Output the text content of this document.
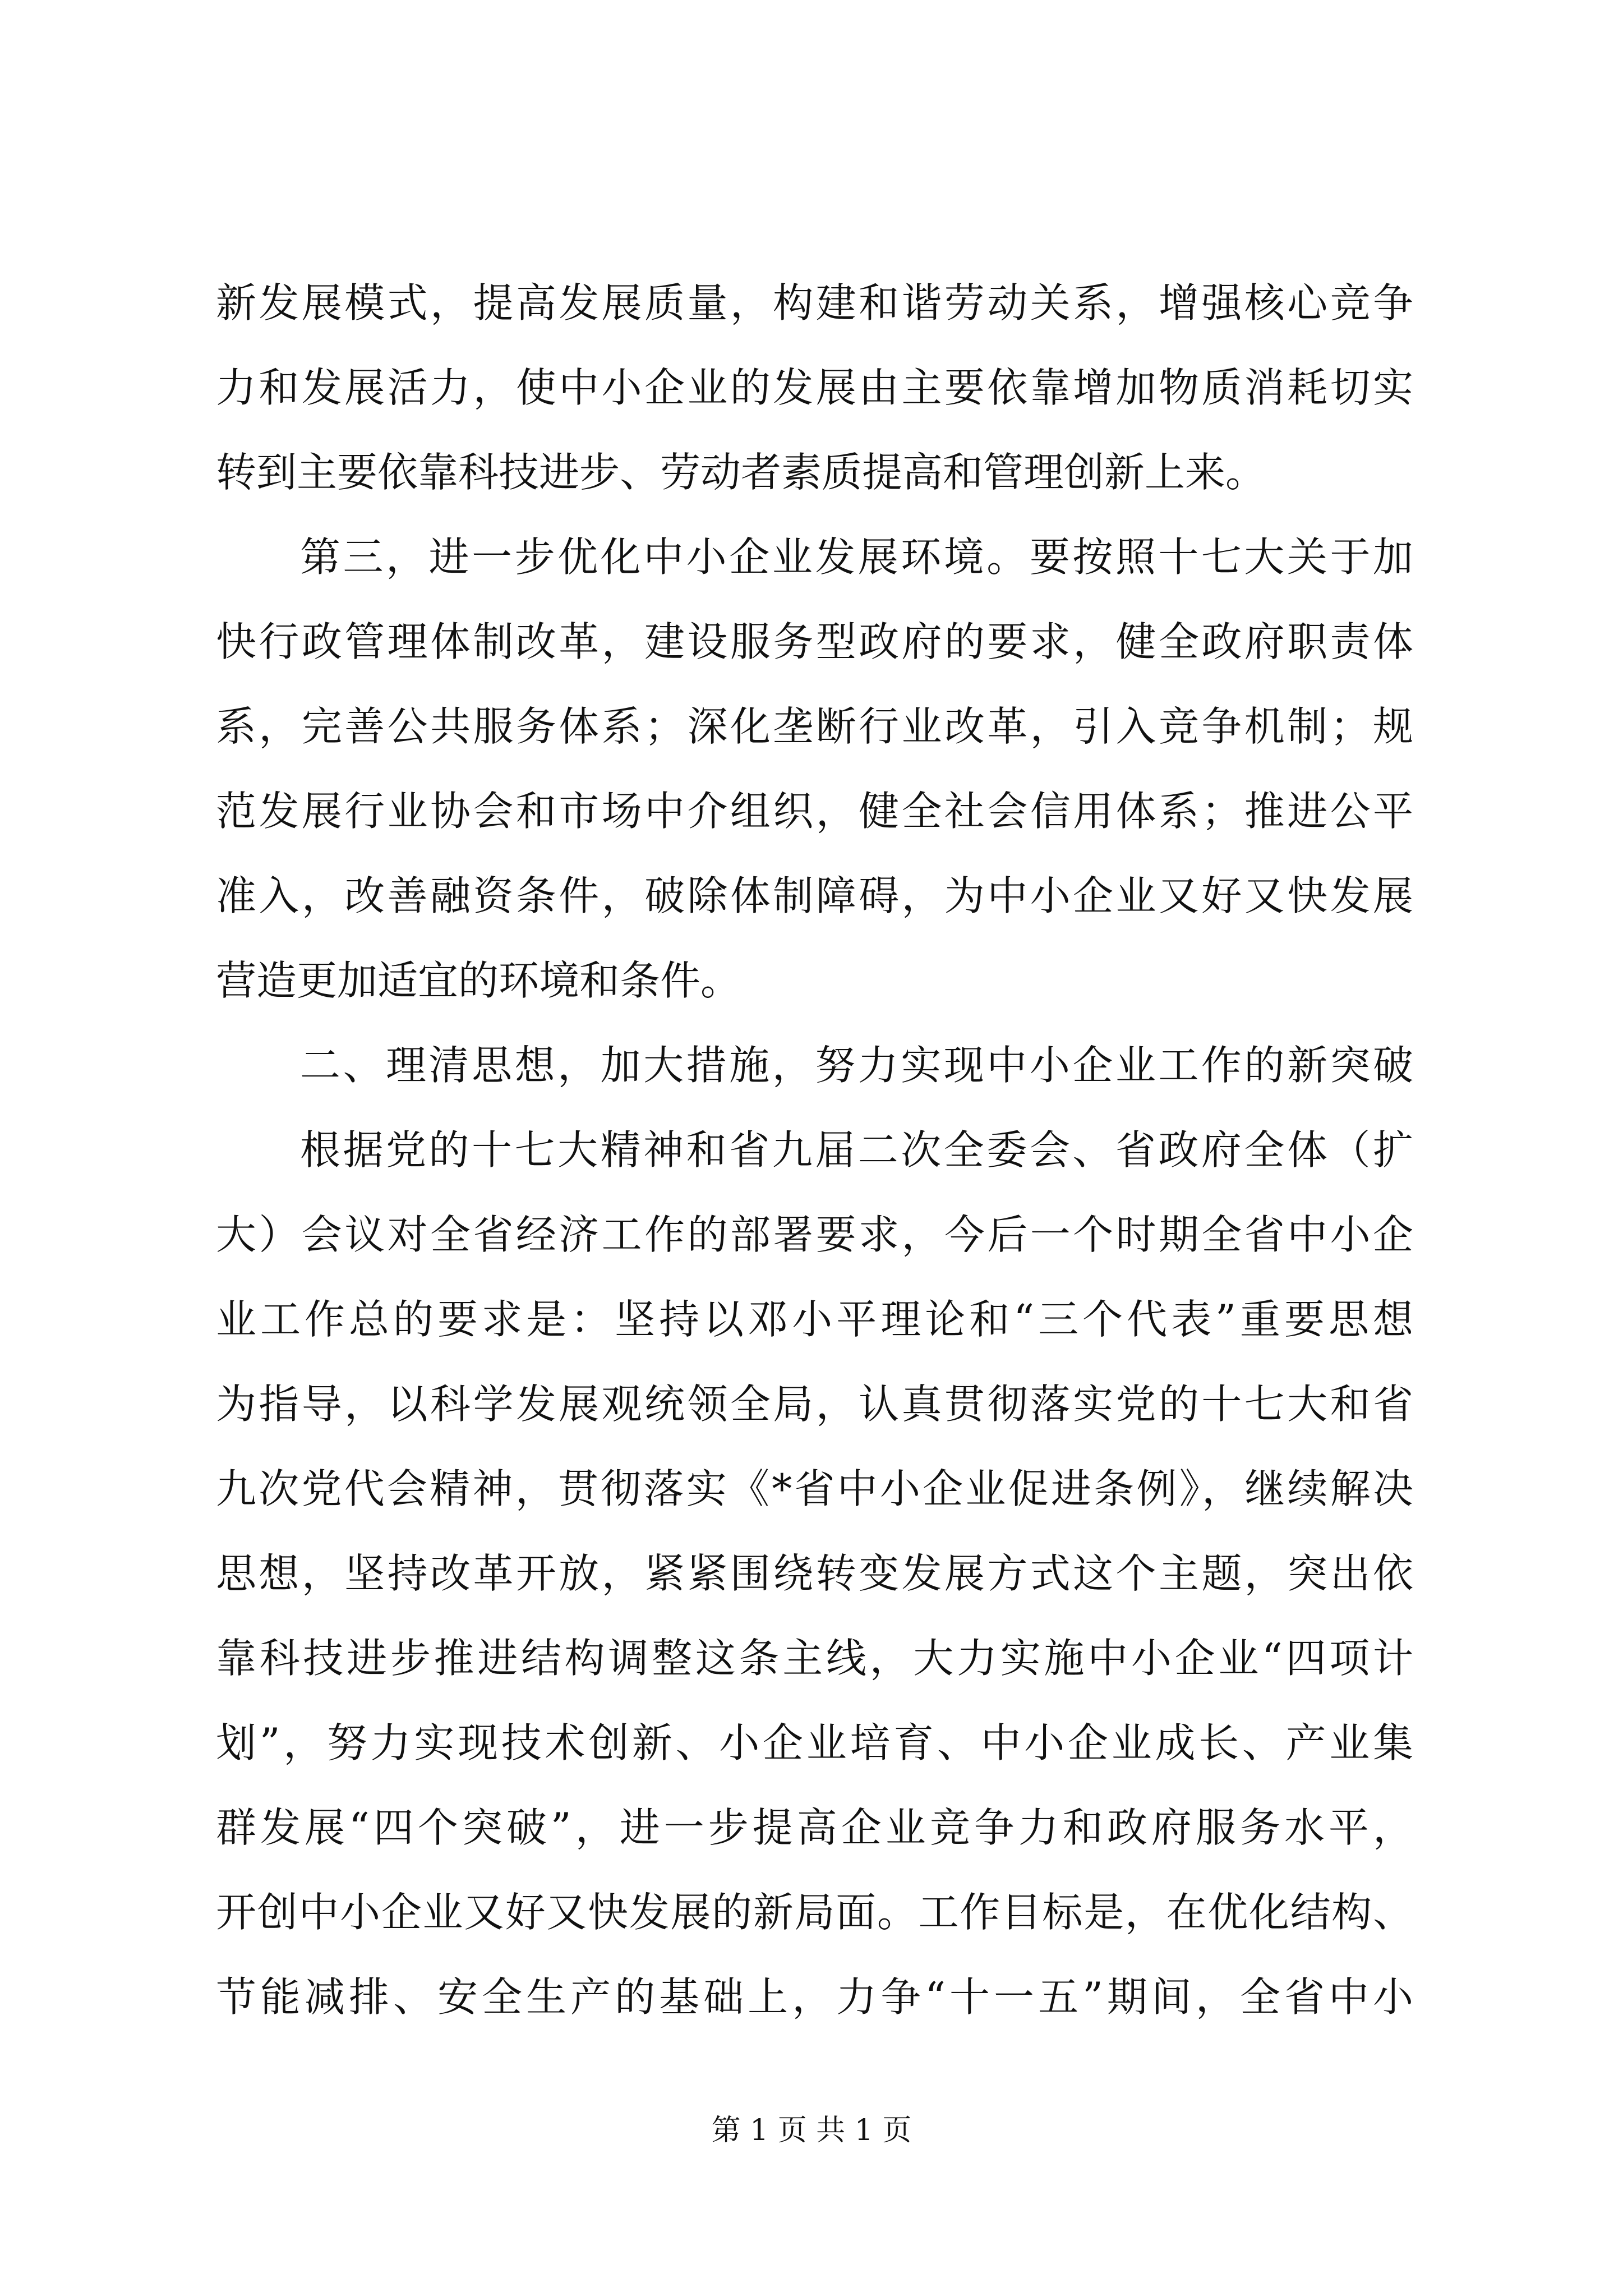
新发展模式，提高发展质量，构建和谐劳动关系，增强核心竞争
力和发展活力，使中小企业的发展由主要依靠增加物质消耗切实
转到主要依靠科技进步、劳动者素质提高和管理创新上来。
第三，进一步优化中小企业发展环境。要按照十七大关于加
快行政管理体制改革，建设服务型政府的要求，健全政府职责体
系，完善公共服务体系；深化垄断行业改革，引入竞争机制；规
范发展行业协会和市场中介组织，健全社会信用体系；推进公平
准入，改善融资条件，破除体制障碍，为中小企业又好又快发展
营造更加适宜的环境和条件。
二、理清思想，加大措施，努力实现中小企业工作的新突破
根据党的十七大精神和省九届二次全委会、省政府全体（扩
大）会议对全省经济工作的部署要求，今后一个时期全省中小企
业工作总的要求是：坚持以邓小平理论和“三个代表”重要思想
为指导，以科学发展观统领全局，认真贯彻落实党的十七大和省
九次党代会精神，贯彻落实《*省中小企业促进条例》，继续解决
思想，坚持改革开放，紧紧围绕转变发展方式这个主题，突出依
靠科技进步推进结构调整这条主线，大力实施中小企业“四项计
划”，努力实现技术创新、小企业培育、中小企业成长、产业集
群发展“四个突破”，进一步提高企业竞争力和政府服务水平，
开创中小企业又好又快发展的新局面。工作目标是，在优化结构、
节能减排、安全生产的基础上，力争“十一五”期间，全省中小
第 1 页 共 1 页
